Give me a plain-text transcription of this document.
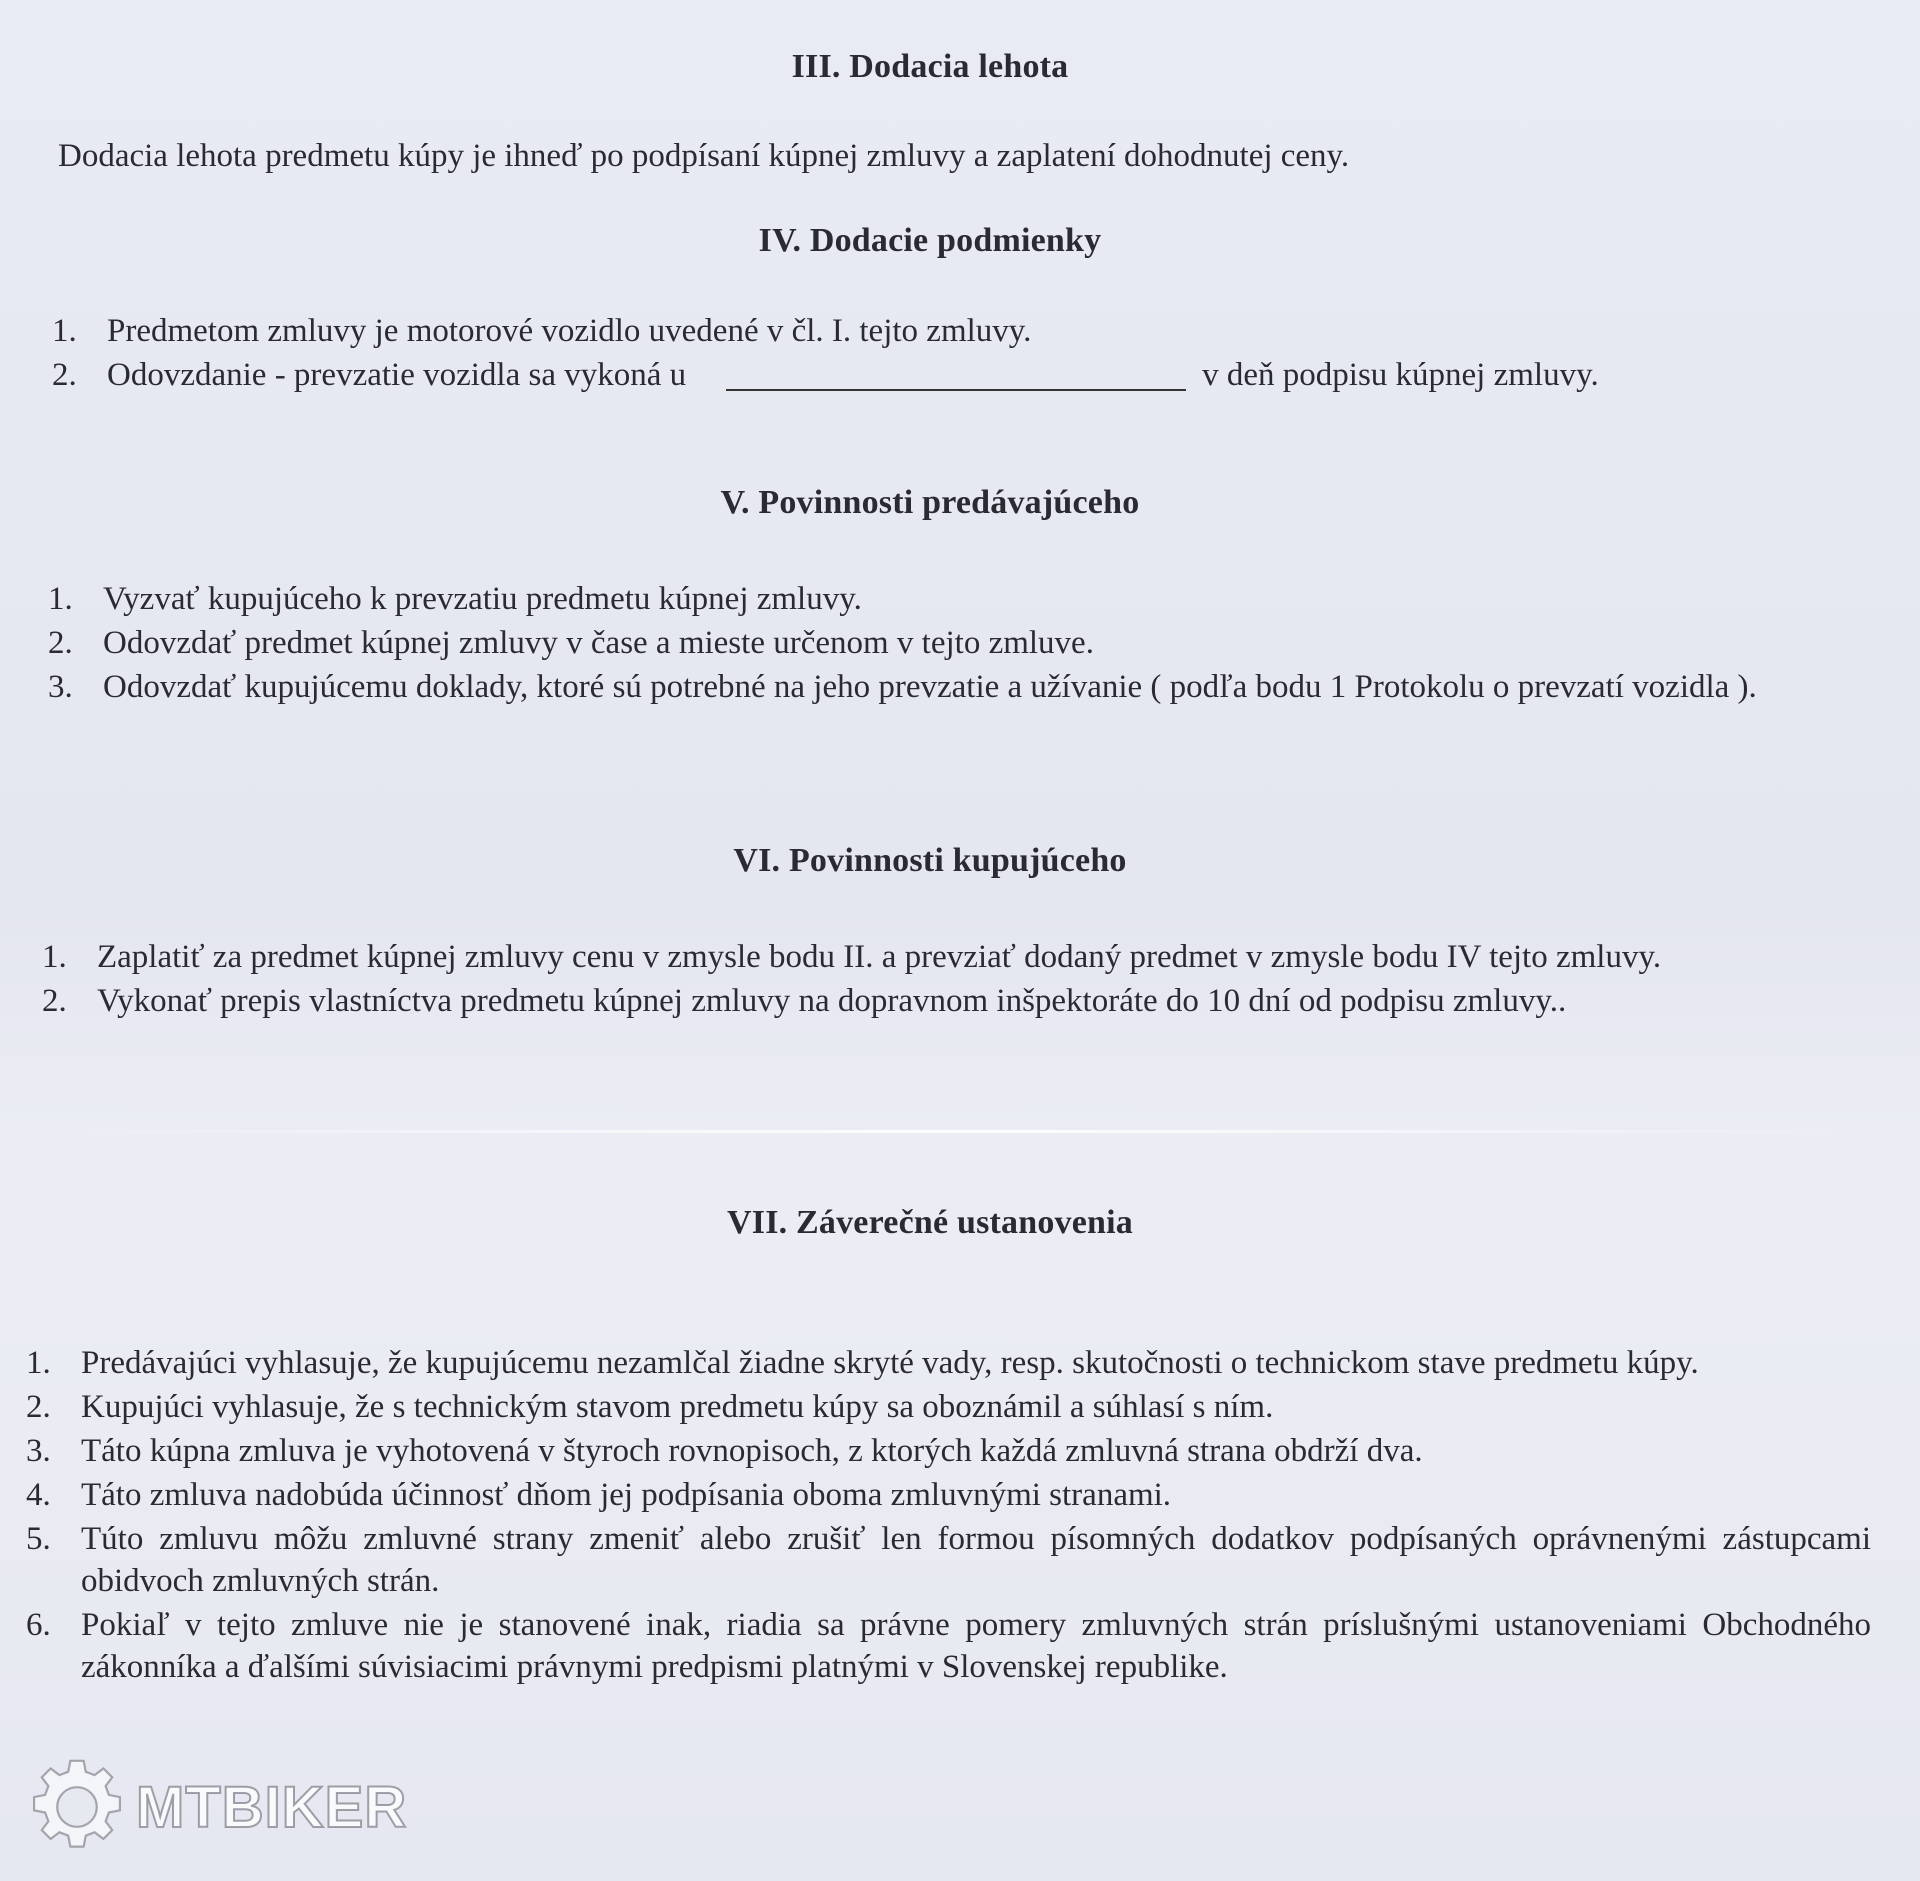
III. Dodacia lehota
Dodacia lehota predmetu kúpy je ihneď po podpísaní kúpnej zmluvy a zaplatení dohodnutej ceny.
IV. Dodacie podmienky
1. Predmetom zmluvy je motorové vozidlo uvedené v čl. I. tejto zmluvy.
2. Odovzdanie - prevzatie vozidla sa vykoná u	v deň podpisu kúpnej zmluvy.
V. Povinnosti predávajúceho
1. Vyzvať kupujúceho k prevzatiu predmetu kúpnej zmluvy.
2. Odovzdať predmet kúpnej zmluvy v čase a mieste určenom v tejto zmluve.
3. Odovzdať kupujúcemu doklady, ktoré sú potrebné na jeho prevzatie a užívanie ( podľa bodu 1 Protokolu o prevzatí vozidla ).
VI. Povinnosti kupujúceho
1. Zaplatiť za predmet kúpnej zmluvy cenu v zmysle bodu II. a prevziať dodaný predmet v zmysle bodu IV tejto zmluvy.
2. Vykonať prepis vlastníctva predmetu kúpnej zmluvy na dopravnom inšpektoráte do 10 dní od podpisu zmluvy..
VII. Záverečné ustanovenia
1. Predávajúci vyhlasuje, že kupujúcemu nezamlčal žiadne skryté vady, resp. skutočnosti o technickom stave predmetu kúpy.
2. Kupujúci vyhlasuje, že s technickým stavom predmetu kúpy sa oboznámil a súhlasí s ním.
3. Táto kúpna zmluva je vyhotovená v štyroch rovnopisoch, z ktorých každá zmluvná strana obdrží dva.
4. Táto zmluva nadobúda účinnosť dňom jej podpísania oboma zmluvnými stranami.
5. Túto zmluvu môžu zmluvné strany zmeniť alebo zrušiť len formou písomných dodatkov podpísaných oprávnenými zástupcami obidvoch zmluvných strán.
6. Pokiaľ v tejto zmluve nie je stanovené inak, riadia sa právne pomery zmluvných strán príslušnými ustanoveniami Obchodného zákonníka a ďalšími súvisiacimi právnymi predpismi platnými v Slovenskej republike.
MTBIKER
